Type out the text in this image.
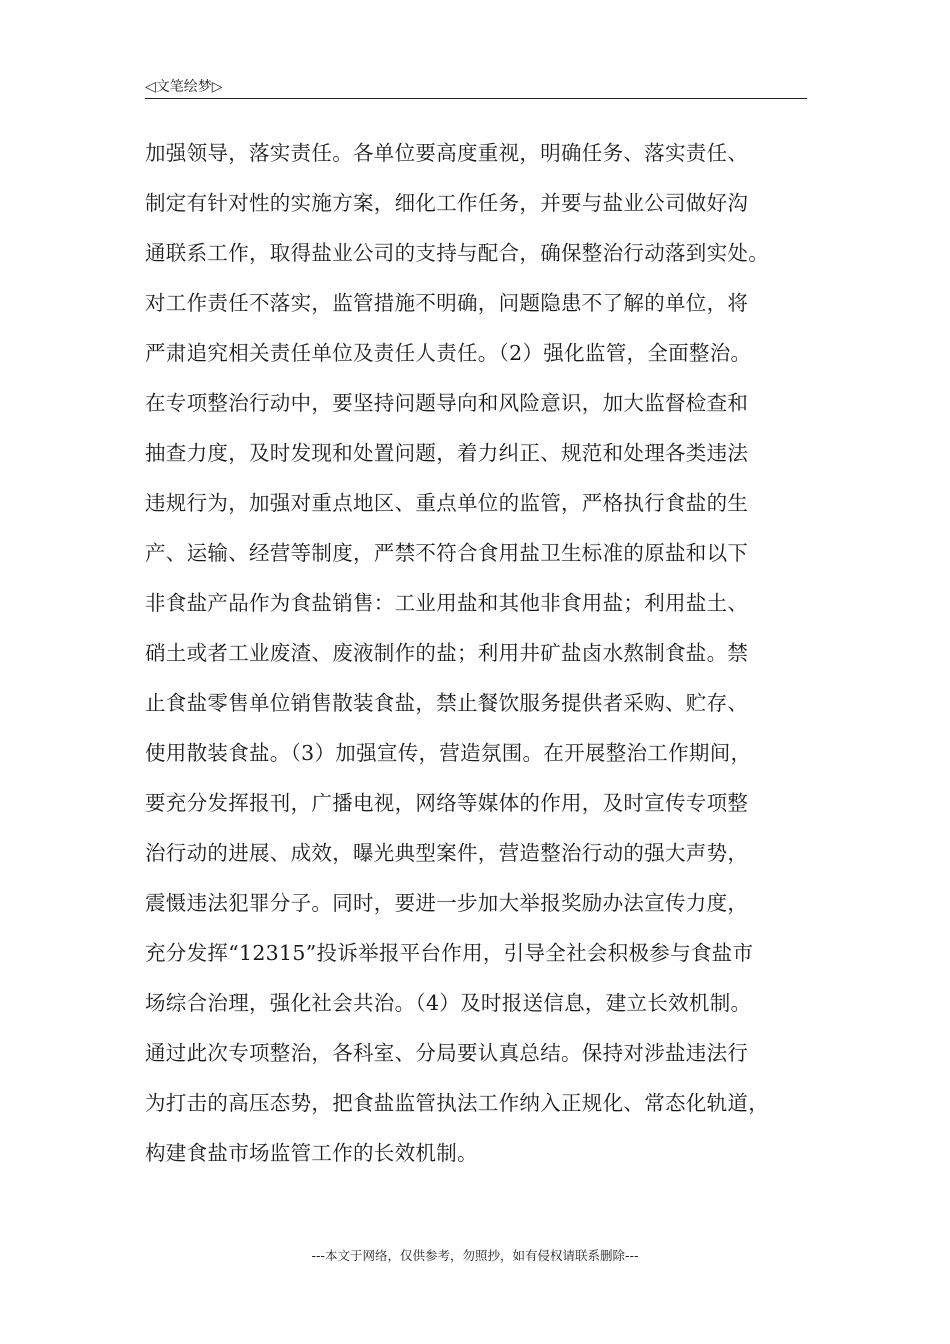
◁文笔绘梦▷
加强领导，落实责任。各单位要高度重视，明确任务、落实责任、
制定有针对性的实施方案，细化工作任务，并要与盐业公司做好沟
通联系工作，取得盐业公司的支持与配合，确保整治行动落到实处。
对工作责任不落实，监管措施不明确，问题隐患不了解的单位，将
严肃追究相关责任单位及责任人责任。（2）强化监管，全面整治。
在专项整治行动中，要坚持问题导向和风险意识，加大监督检查和
抽查力度，及时发现和处置问题，着力纠正、规范和处理各类违法
违规行为，加强对重点地区、重点单位的监管，严格执行食盐的生
产、运输、经营等制度，严禁不符合食用盐卫生标准的原盐和以下
非食盐产品作为食盐销售：工业用盐和其他非食用盐；利用盐土、
硝土或者工业废渣、废液制作的盐；利用井矿盐卤水熬制食盐。禁
止食盐零售单位销售散装食盐，禁止餐饮服务提供者采购、贮存、
使用散装食盐。（3）加强宣传，营造氛围。在开展整治工作期间，
要充分发挥报刊，广播电视，网络等媒体的作用，及时宣传专项整
治行动的进展、成效，曝光典型案件，营造整治行动的强大声势，
震慑违法犯罪分子。同时，要进一步加大举报奖励办法宣传力度，
充分发挥“12315”投诉举报平台作用，引导全社会积极参与食盐市
场综合治理，强化社会共治。（4）及时报送信息，建立长效机制。
通过此次专项整治，各科室、分局要认真总结。保持对涉盐违法行
为打击的高压态势，把食盐监管执法工作纳入正规化、常态化轨道，
构建食盐市场监管工作的长效机制。
---本文于网络，仅供参考，勿照抄，如有侵权请联系删除---
